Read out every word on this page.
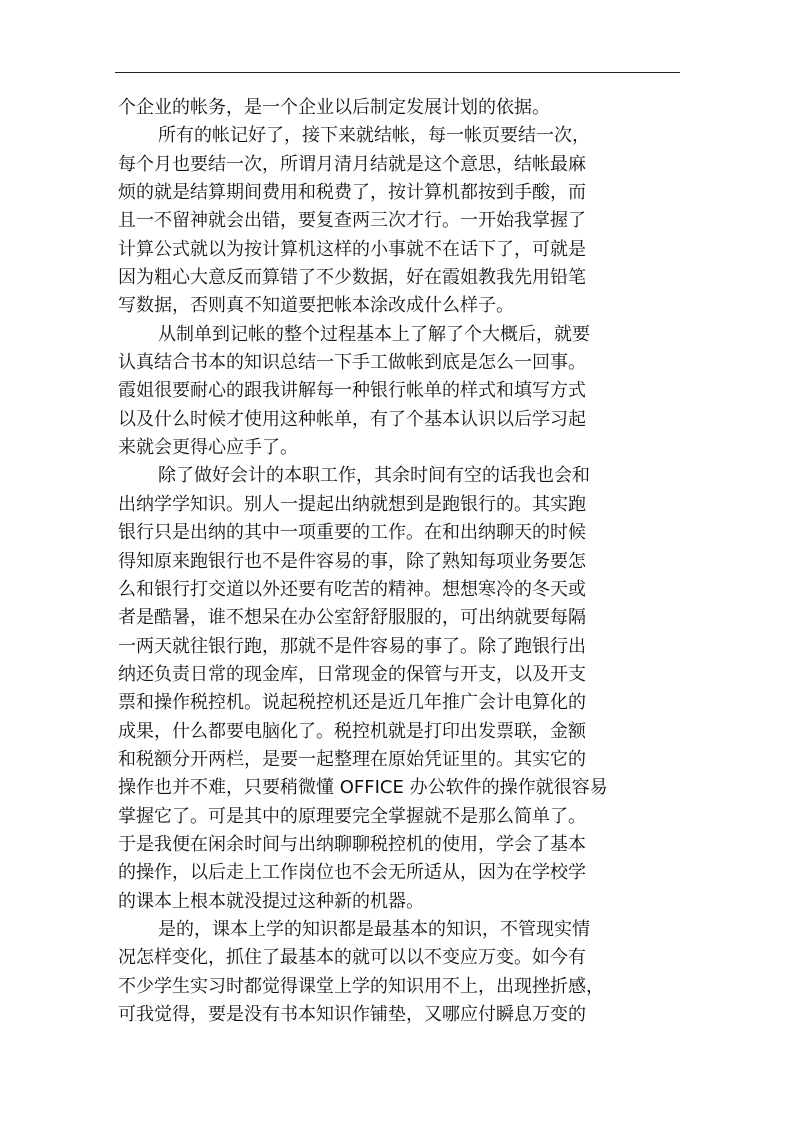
个企业的帐务，是一个企业以后制定发展计划的依据。
所有的帐记好了，接下来就结帐，每一帐页要结一次，
每个月也要结一次，所谓月清月结就是这个意思，结帐最麻
烦的就是结算期间费用和税费了，按计算机都按到手酸，而
且一不留神就会出错，要复查两三次才行。一开始我掌握了
计算公式就以为按计算机这样的小事就不在话下了，可就是
因为粗心大意反而算错了不少数据，好在霞姐教我先用铅笔
写数据，否则真不知道要把帐本涂改成什么样子。
从制单到记帐的整个过程基本上了解了个大概后，就要
认真结合书本的知识总结一下手工做帐到底是怎么一回事。
霞姐很要耐心的跟我讲解每一种银行帐单的样式和填写方式
以及什么时候才使用这种帐单，有了个基本认识以后学习起
来就会更得心应手了。
除了做好会计的本职工作，其余时间有空的话我也会和
出纳学学知识。别人一提起出纳就想到是跑银行的。其实跑
银行只是出纳的其中一项重要的工作。在和出纳聊天的时候
得知原来跑银行也不是件容易的事，除了熟知每项业务要怎
么和银行打交道以外还要有吃苦的精神。想想寒冷的冬天或
者是酷暑，谁不想呆在办公室舒舒服服的，可出纳就要每隔
一两天就往银行跑，那就不是件容易的事了。除了跑银行出
纳还负责日常的现金库，日常现金的保管与开支，以及开支
票和操作税控机。说起税控机还是近几年推广会计电算化的
成果，什么都要电脑化了。税控机就是打印出发票联，金额
和税额分开两栏，是要一起整理在原始凭证里的。其实它的
操作也并不难，只要稍微懂 OFFICE 办公软件的操作就很容易
掌握它了。可是其中的原理要完全掌握就不是那么简单了。
于是我便在闲余时间与出纳聊聊税控机的使用，学会了基本
的操作，以后走上工作岗位也不会无所适从，因为在学校学
的课本上根本就没提过这种新的机器。
是的，课本上学的知识都是最基本的知识，不管现实情
况怎样变化，抓住了最基本的就可以以不变应万变。如今有
不少学生实习时都觉得课堂上学的知识用不上，出现挫折感，
可我觉得，要是没有书本知识作铺垫，又哪应付瞬息万变的
